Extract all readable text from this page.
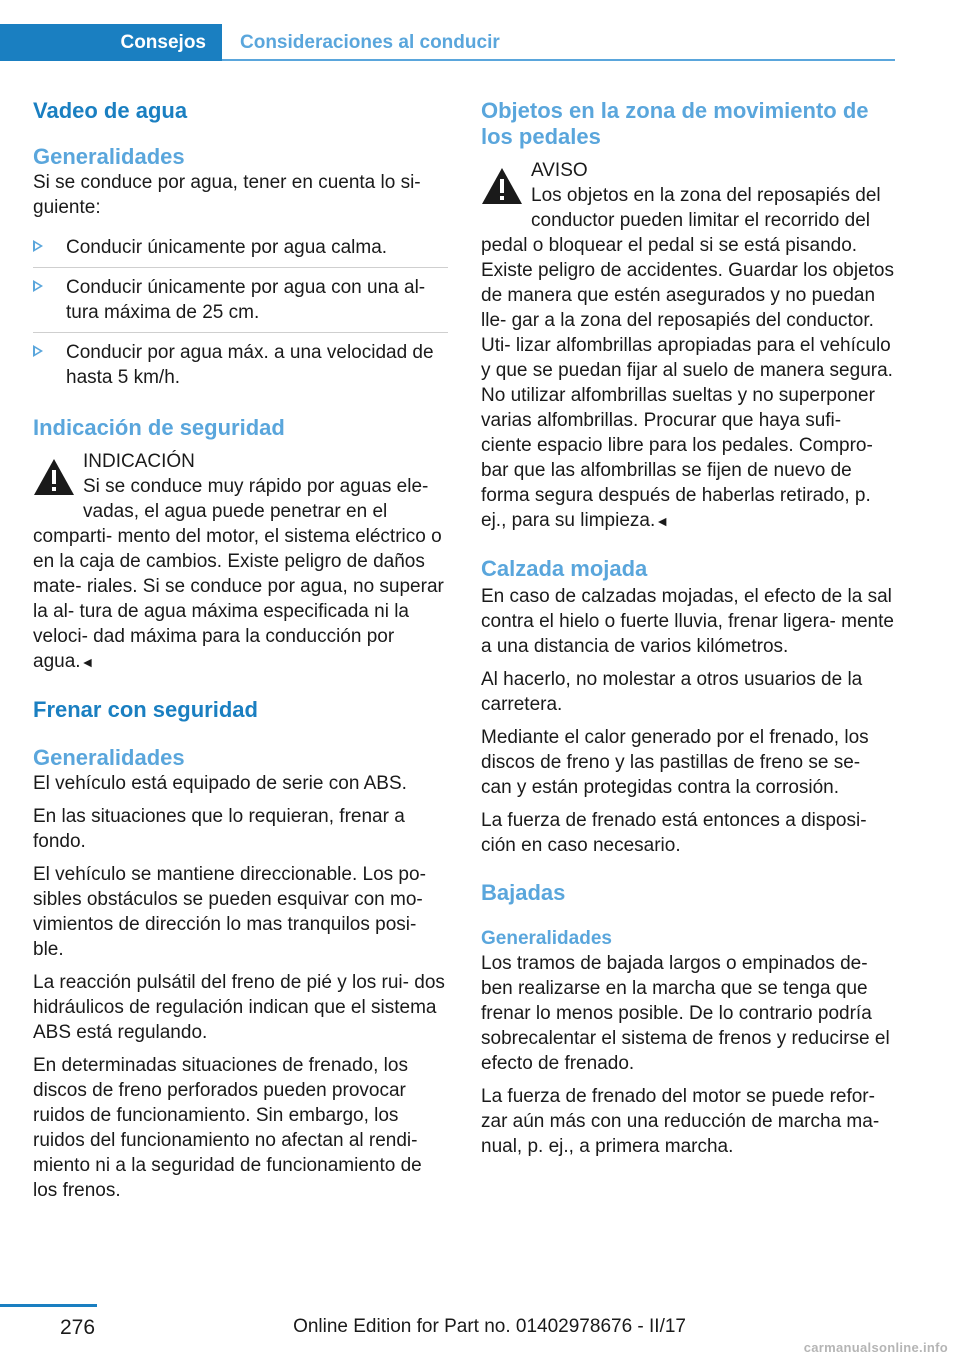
Consejos	Consideraciones al conducir
Vadeo de agua
Generalidades

Si se conduce por agua, tener en cuenta lo si‐ guiente:

Conducir únicamente por agua calma.
Conducir únicamente por agua con una al‐ tura máxima de 25 cm.
Conducir por agua máx. a una velocidad de hasta 5 km/h.
Indicación de seguridad
INDICACIÓN
Si se conduce muy rápido por aguas ele‐ vadas, el agua puede penetrar en el comparti‐ mento del motor, el sistema eléctrico o en la caja de cambios. Existe peligro de daños mate‐ riales. Si se conduce por agua, no superar la al‐ tura de agua máxima especificada ni la veloci‐ dad máxima para la conducción por agua.◄
Frenar con seguridad
Generalidades

El vehículo está equipado de serie con ABS.

En las situaciones que lo requieran, frenar a fondo.

El vehículo se mantiene direccionable. Los po‐ sibles obstáculos se pueden esquivar con mo‐ vimientos de dirección lo mas tranquilos posi‐ ble.

La reacción pulsátil del freno de pié y los rui‐ dos hidráulicos de regulación indican que el sistema ABS está regulando.

En determinadas situaciones de frenado, los discos de freno perforados pueden provocar ruidos de funcionamiento. Sin embargo, los ruidos del funcionamiento no afectan al rendi‐ miento ni a la seguridad de funcionamiento de los frenos.

Objetos en la zona de movimiento de los pedales
AVISO
Los objetos en la zona del reposapiés del conductor pueden limitar el recorrido del pedal o bloquear el pedal si se está pisando. Existe peligro de accidentes. Guardar los objetos de manera que estén asegurados y no puedan lle‐ gar a la zona del reposapiés del conductor. Uti‐ lizar alfombrillas apropiadas para el vehículo y que se puedan fijar al suelo de manera segura. No utilizar alfombrillas sueltas y no superponer varias alfombrillas. Procurar que haya sufi‐ ciente espacio libre para los pedales. Compro‐ bar que las alfombrillas se fijen de nuevo de forma segura después de haberlas retirado, p. ej., para su limpieza.◄
Calzada mojada

En caso de calzadas mojadas, el efecto de la sal contra el hielo o fuerte lluvia, frenar ligera‐ mente a una distancia de varios kilómetros.

Al hacerlo, no molestar a otros usuarios de la carretera.

Mediante el calor generado por el frenado, los discos de freno y las pastillas de freno se se‐ can y están protegidas contra la corrosión.

La fuerza de frenado está entonces a disposi‐ ción en caso necesario.

Bajadas
Generalidades

Los tramos de bajada largos o empinados de‐ ben realizarse en la marcha que se tenga que frenar lo menos posible. De lo contrario podría sobrecalentar el sistema de frenos y reducirse el efecto de frenado.

La fuerza de frenado del motor se puede refor‐ zar aún más con una reducción de marcha ma‐ nual, p. ej., a primera marcha.

276	Online Edition for Part no. 01402978676 - II/17
carmanualsonline.info
